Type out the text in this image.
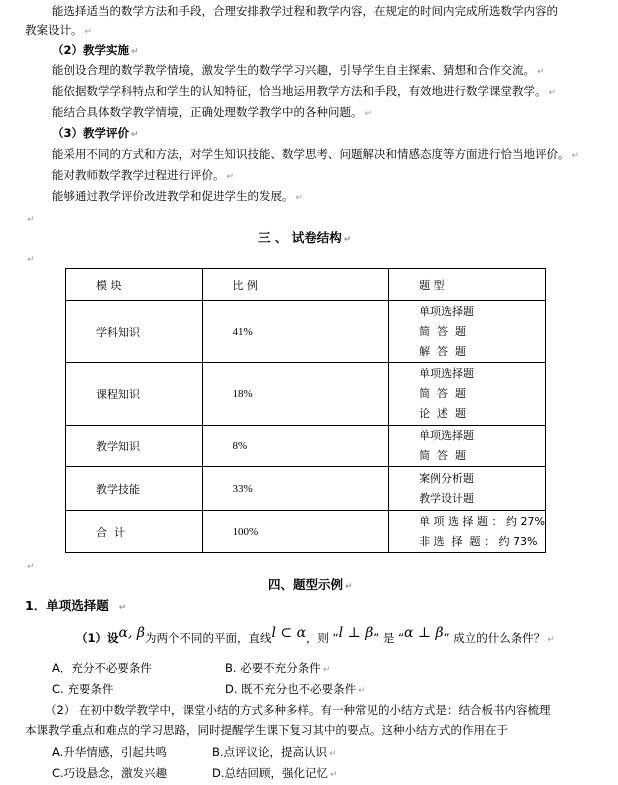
能选择适当的数学方法和手段，合理安排教学过程和教学内容，在规定的时间内完成所选数学内容的
教案设计。 ↵
（2）教学实施 ↵
能创设合理的数学教学情境，激发学生的数学学习兴趣，引导学生自主探索、猜想和合作交流。 ↵
能依据数学学科特点和学生的认知特征，恰当地运用教学方法和手段，有效地进行数学课堂教学。 ↵
能结合具体数学教学情境，正确处理数学教学中的各种问题。 ↵
（3）教学评价 ↵
能采用不同的方式和方法，对学生知识技能、数学思考、问题解决和情感态度等方面进行恰当地评价。 ↵
能对教师数学教学过程进行评价。 ↵
能够通过教学评价改进教学和促进学生的发展。 ↵
↵
三 、 试卷结构 ↵
↵
模 块	比 例	题 型
学科知识	41%	单项选择题
简  答  题
解  答  题

课程知识	18%	单项选择题
简  答  题
论  述  题

教学知识	8%	单项选择题
简  答  题

教学技能	33%	案例分析题
教学设计题

合  计	100%	单 项 选 择 题 ： 约 27%
非 选  择  题 ： 约 73%
↵
四、题型示例 ↵
1．单项选择题 ↵
（1）设α, β为两个不同的平面，直线l ⊂ α，则 “l ⊥ β” 是 “α ⊥ β” 成立的什么条件？ ↵
A．充分不必要条件	B. 必要不充分条件 ↵
C. 充要条件	D. 既不充分也不必要条件 ↵
（2） 在初中数学教学中，课堂小结的方式多种多样。有一种常见的小结方式是：结合板书内容梳理
本课教学重点和难点的学习思路，同时提醒学生课下复习其中的要点。这种小结方式的作用在于
A.升华情感，引起共鸣	B.点评议论，提高认识 ↵
C.巧设悬念，激发兴趣	D.总结回顾，强化记忆 ↵
